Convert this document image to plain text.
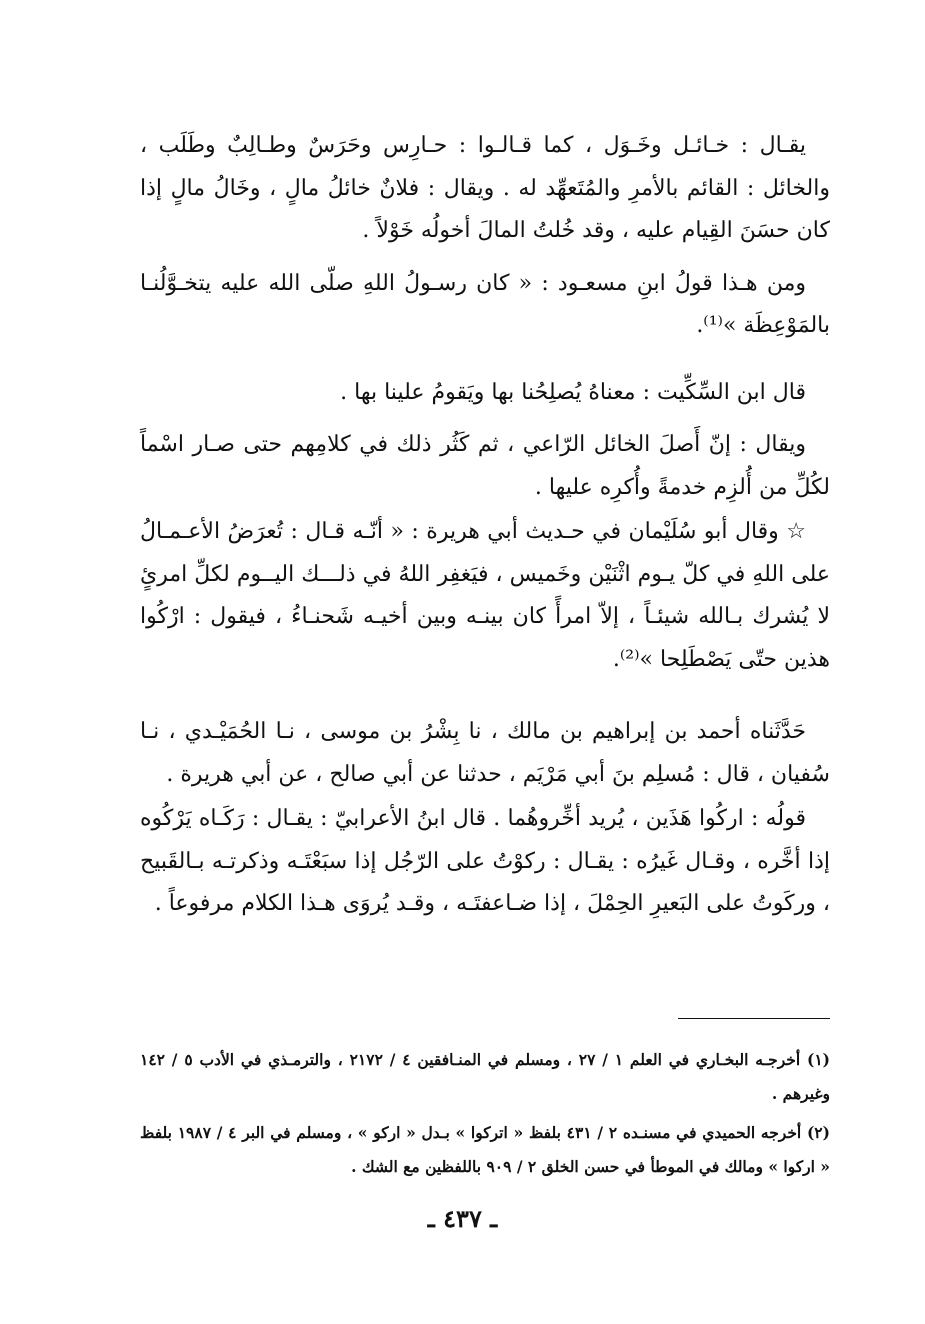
يقـال : خـائـل وخَـوَل ، كما قـالـوا : حـارِس وحَرَسٌ وطـالِبٌ وطَلَب ، والخائل : القائم بالأمرِ والمُتَعهِّد له . ويقال : فلانٌ خائلُ مالٍ ، وخَالُ مالٍ إذا كان حسَنَ القِيام عليه ، وقد خُلتُ المالَ أخولُه خَوْلاً .

ومن هـذا قولُ ابنِ مسعـود : « كان رسـولُ اللهِ صلّى الله عليه يتخـوَّلُنـا بالمَوْعِظَة »⁽¹⁾.

قال ابن السِّكِّيت : معناهُ يُصلِحُنا بها ويَقومُ علينا بها .

ويقال : إنّ أَصلَ الخائل الرّاعي ، ثم كَثُر ذلك في كلامِهم حتى صـار اسْماً لكُلِّ من أُلزِم خدمةً وأُكرِه عليها .

☆ وقال أبو سُلَيْمان في حـديث أبي هريرة : « أنّـه قـال : تُعرَضُ الأعـمـالُ على اللهِ في كلّ يـوم اثْنَيْن وخَميس ، فيَغفِر اللهُ في ذلـــك اليــوم لكلِّ امرئٍ لا يُشرك بـالله شيئـاً ، إلاّ امرأً كان بينـه وبين أخيـه شَحنـاءُ ، فيقول : ارْكُوا هذين حتّى يَصْطَلِحا »⁽²⁾.

حَدَّثَناه أحمد بن إبراهيم بن مالك ، نا بِشْرُ بن موسى ، نـا الحُمَيْـدي ، نـا سُفيان ، قال : مُسلِم بنَ أبي مَرْيَم ، حدثنا عن أبي صالح ، عن أبي هريرة .

قولُه : اركُوا هَذَين ، يُريد أخِّروهُما . قال ابنُ الأعرابيّ : يقـال : رَكَـاه يَرْكُوه إذا أخَّره ، وقـال غَيرُه : يقـال : ركوْتُ على الرّجُل إذا سبَعْتَـه وذكرتـه بـالقَبيح ، وركَوتُ على البَعيرِ الحِمْلَ ، إذا ضـاعفتَـه ، وقـد يُروَى هـذا الكلام مرفوعاً .

(١) أخرجـه البخـاري في العلم ١ / ٢٧ ، ومسلم في المنـافقين ٤ / ٢١٧٢ ، والترمـذي في الأدب ٥ / ١٤٢ وغيرهم .

(٢) أخرجه الحميدي في مسنـده ٢ / ٤٣١ بلفظ « اتركوا » بـدل « اركو » ، ومسلم في البر ٤ / ١٩٨٧ بلفظ « اركوا » ومالك في الموطأ في حسن الخلق ٢ / ٩٠٩ باللفظين مع الشك .

ـ ٤٣٧ ـ
